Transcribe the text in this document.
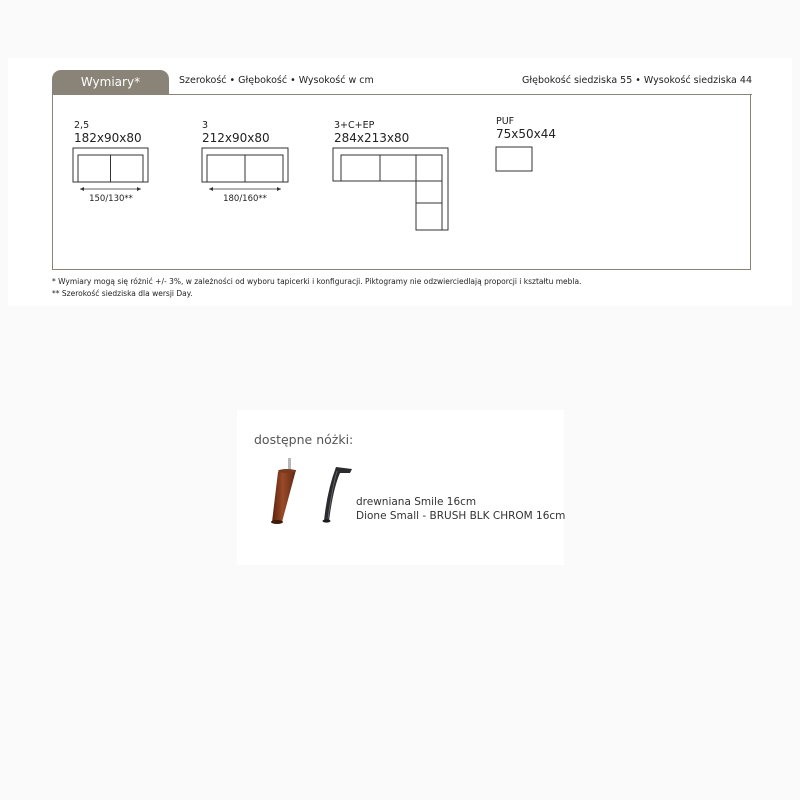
Wymiary*	Szerokość • Głębokość • Wysokość w cm	Głębokość siedziska 55 • Wysokość siedziska 44
2,5
182x90x80
150/130**
3
212x90x80
180/160**
3+C+EP
284x213x80
PUF
75x50x44
* Wymiary mogą się różnić +/- 3%, w zależności od wyboru tapicerki i konfiguracji. Piktogramy nie odzwierciedlają proporcji i kształtu mebla.
** Szerokość siedziska dla wersji Day.
dostępne nóżki:
drewniana Smile 16cm
Dione Small - BRUSH BLK CHROM 16cm
